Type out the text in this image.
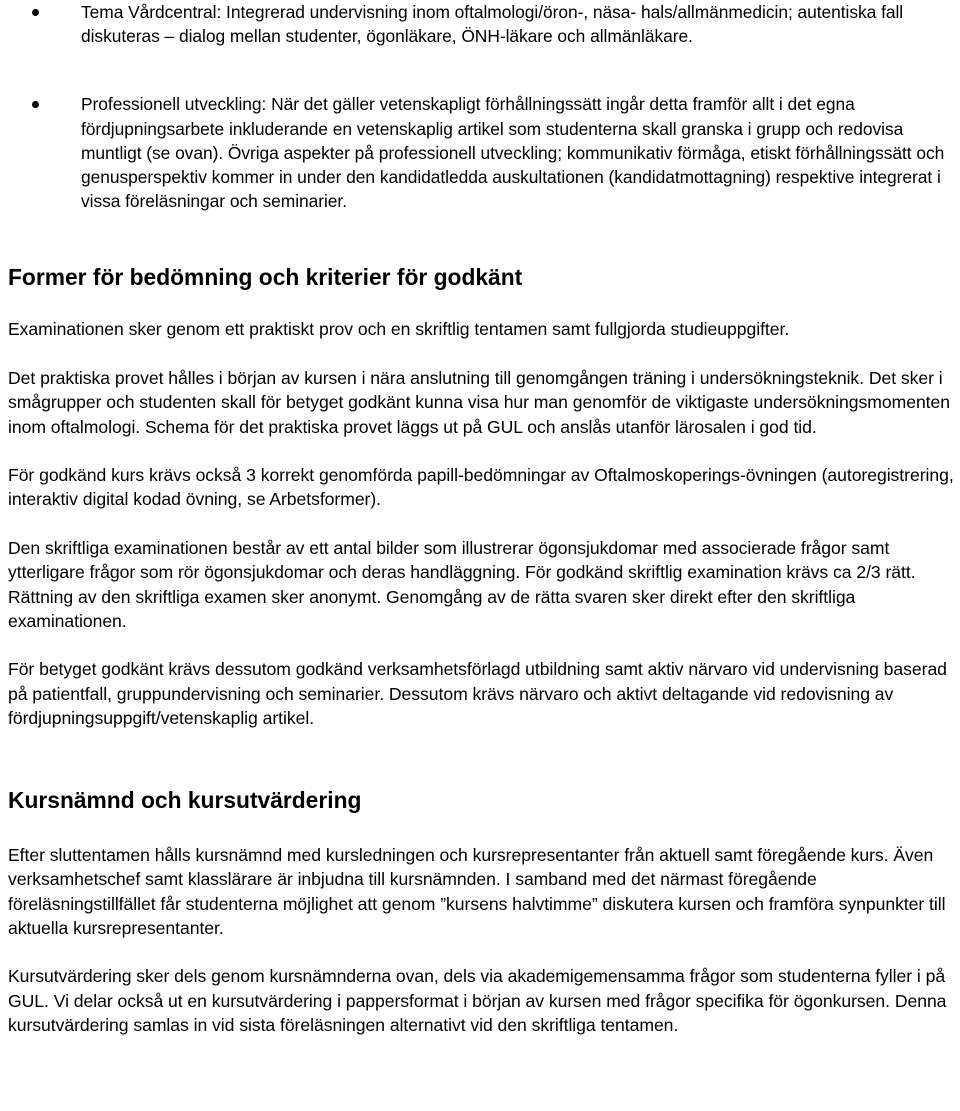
Tema Vårdcentral: Integrerad undervisning inom oftalmologi/öron-, näsa- hals/allmänmedicin; autentiska fall diskuteras – dialog mellan studenter, ögonläkare, ÖNH-läkare och allmänläkare.
Professionell utveckling: När det gäller vetenskapligt förhållningssätt ingår detta framför allt i det egna fördjupningsarbete inkluderande en vetenskaplig artikel som studenterna skall granska i grupp och redovisa muntligt (se ovan). Övriga aspekter på professionell utveckling; kommunikativ förmåga, etiskt förhållningssätt och genusperspektiv kommer in under den kandidatledda auskultationen (kandidatmottagning) respektive integrerat i vissa föreläsningar och seminarier.
Former för bedömning och kriterier för godkänt

Examinationen sker genom ett praktiskt prov och en skriftlig tentamen samt fullgjorda studieuppgifter.

Det praktiska provet hålles i början av kursen i nära anslutning till genomgången träning i undersökningsteknik. Det sker i smågrupper och studenten skall för betyget godkänt kunna visa hur man genomför de viktigaste undersökningsmomenten inom oftalmologi. Schema för det praktiska provet läggs ut på GUL och anslås utanför lärosalen i god tid.

För godkänd kurs krävs också 3 korrekt genomförda papill-bedömningar av Oftalmoskoperings-övningen (autoregistrering, interaktiv digital kodad övning, se Arbetsformer).

Den skriftliga examinationen består av ett antal bilder som illustrerar ögonsjukdomar med associerade frågor samt ytterligare frågor som rör ögonsjukdomar och deras handläggning. För godkänd skriftlig examination krävs ca 2/3 rätt. Rättning av den skriftliga examen sker anonymt. Genomgång av de rätta svaren sker direkt efter den skriftliga examinationen.

För betyget godkänt krävs dessutom godkänd verksamhetsförlagd utbildning samt aktiv närvaro vid undervisning baserad på patientfall, gruppundervisning och seminarier. Dessutom krävs närvaro och aktivt deltagande vid redovisning av fördjupningsuppgift/vetenskaplig artikel.

Kursnämnd och kursutvärdering

Efter sluttentamen hålls kursnämnd med kursledningen och kursrepresentanter från aktuell samt föregående kurs. Även verksamhetschef samt klasslärare är inbjudna till kursnämnden. I samband med det närmast föregående föreläsningstillfället får studenterna möjlighet att genom ”kursens halvtimme” diskutera kursen och framföra synpunkter till aktuella kursrepresentanter.

Kursutvärdering sker dels genom kursnämnderna ovan, dels via akademigemensamma frågor som studenterna fyller i på GUL. Vi delar också ut en kursutvärdering i pappersformat i början av kursen med frågor specifika för ögonkursen. Denna kursutvärdering samlas in vid sista föreläsningen alternativt vid den skriftliga tentamen.
